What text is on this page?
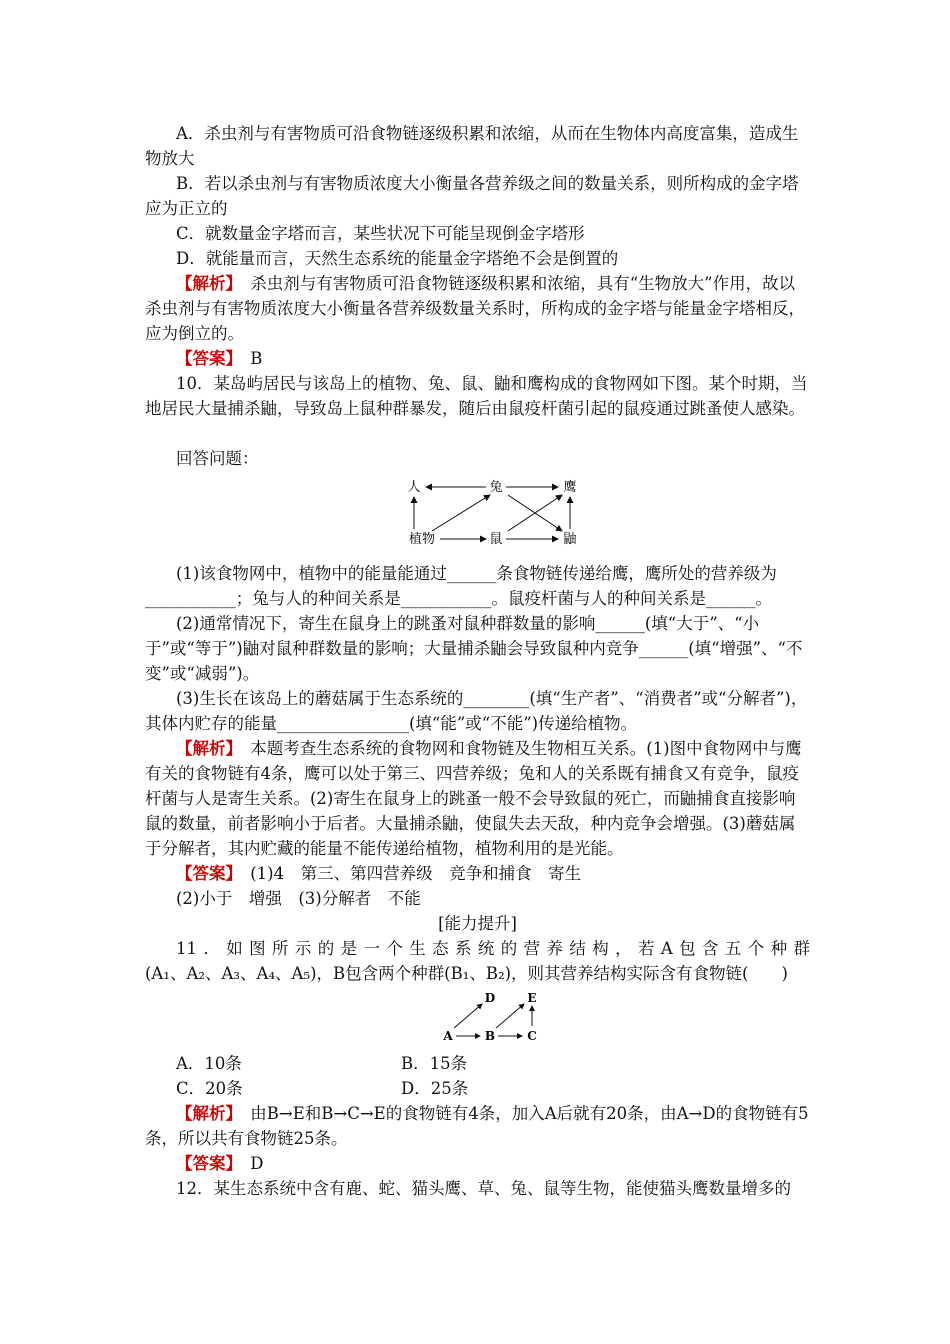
A．杀虫剂与有害物质可沿食物链逐级积累和浓缩，从而在生物体内高度富集，造成生物放大

B．若以杀虫剂与有害物质浓度大小衡量各营养级之间的数量关系，则所构成的金字塔应为正立的

C．就数量金字塔而言，某些状况下可能呈现倒金字塔形

D．就能量而言，天然生态系统的能量金字塔绝不会是倒置的

【解析】　 杀虫剂与有害物质可沿食物链逐级积累和浓缩，具有“生物放大”作用，故以杀虫剂与有害物质浓度大小衡量各营养级数量关系时，所构成的金字塔与能量金字塔相反，应为倒立的。

【答案】　 B

10．某岛屿居民与该岛上的植物、兔、鼠、鼬和鹰构成的食物网如下图。某个时期，当地居民大量捕杀鼬，导致岛上鼠种群暴发，随后由鼠疫杆菌引起的鼠疫通过跳蚤使人感染。

回答问题：

人	兔	鹰
植物	鼠	鼬

(1)该食物网中，植物中的能量能通过______条食物链传递给鹰，鹰所处的营养级为___________；兔与人的种间关系是___________。鼠疫杆菌与人的种间关系是______。

(2)通常情况下，寄生在鼠身上的跳蚤对鼠种群数量的影响______(填“大于”、“小于”或“等于”)鼬对鼠种群数量的影响；大量捕杀鼬会导致鼠种内竞争______(填“增强”、“不变”或“减弱”)。

(3)生长在该岛上的蘑菇属于生态系统的________(填“生产者”、“消费者”或“分解者”)，其体内贮存的能量________________(填“能”或“不能”)传递给植物。

【解析】　 本题考查生态系统的食物网和食物链及生物相互关系。(1)图中食物网中与鹰有关的食物链有4条，鹰可以处于第三、四营养级；兔和人的关系既有捕食又有竞争，鼠疫杆菌与人是寄生关系。(2)寄生在鼠身上的跳蚤一般不会导致鼠的死亡，而鼬捕食直接影响鼠的数量，前者影响小于后者。大量捕杀鼬，使鼠失去天敌，种内竞争会增强。(3)蘑菇属于分解者，其内贮藏的能量不能传递给植物，植物利用的是光能。

【答案】　 (1)4　第三、第四营养级　竞争和捕食　寄生

(2)小于　增强　(3)分解者　不能

[能力提升]

11．如图所示的是一个生态系统的营养结构，若A包含五个种群

(A₁、A₂、A₃、A₄、A₅)，B包含两个种群(B₁、B₂)，则其营养结构实际含有食物链(　　)

D	E
A	B	C
A．10条	B．15条
C．20条	D．25条

【解析】　 由B→E和B→C→E的食物链有4条，加入A后就有20条，由A→D的食物链有5条，所以共有食物链25条。

【答案】　 D

12．某生态系统中含有鹿、蛇、猫头鹰、草、兔、鼠等生物，能使猫头鹰数量增多的
